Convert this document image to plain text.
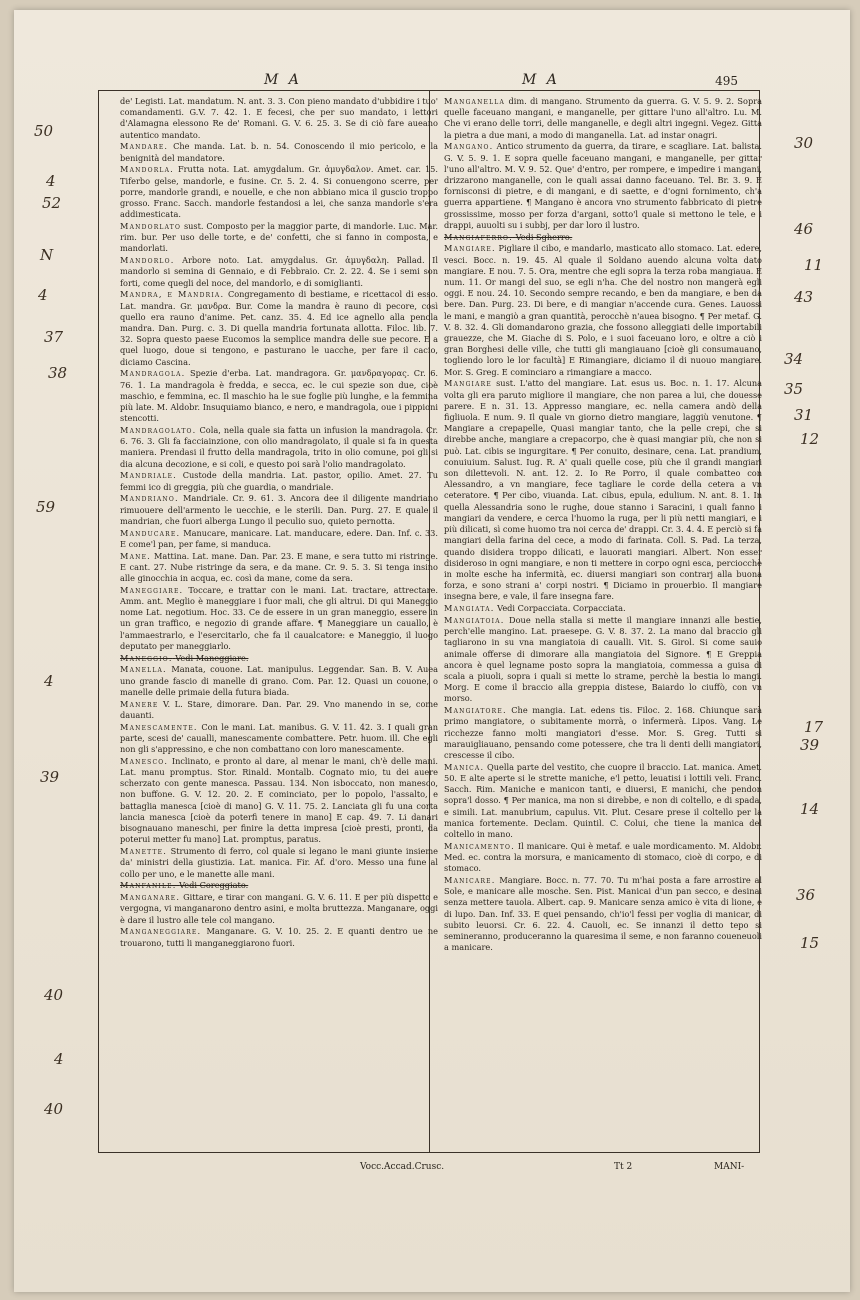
M A	M A	495

de' Legisti. Lat. mandatum. N. ant. 3. 3. Con pieno mandato d'ubbidire i tuo' comandamenti. G.V. 7. 42. 1. E fecesi, che per suo mandato, i lettori d'Alamagna elessono Re de' Romani. G. V. 6. 25. 3. Se di ciò fare aueano autentico mandato.

Mandare. Che manda. Lat. b. n. 54. Conoscendo il mio pericolo, e la benignità del mandatore.

Mandorla. Frutta nota. Lat. amygdalum. Gr. ἀμυγδαλον. Amet. car. 15. Tiferbo gelse, mandorle, e fusine. Cr. 5. 2. 4. Si conuengono scerre, per porre, mandorle grandi, e nouelle, e che non abbiano mica il guscio troppo grosso. Franc. Sacch. mandorle festandosi a lei, che sanza mandorle s'era addimesticata.

Mandorlato sust. Composto per la maggior parte, di mandorle. Luc. Mar. rim. bur. Per uso delle torte, e de' confetti, che si fanno in composta, e mandorlati.

Mandorlo. Arbore noto. Lat. amygdalus. Gr. ἀμυγδαλη. Pallad. Il mandorlo si semina di Gennaio, e di Febbraio. Cr. 2. 22. 4. Se i semi son forti, come quegli del noce, del mandorlo, e di somiglianti.

Mandra, e Mandria. Congregamento di bestiame, e ricettacol di esso. Lat. mandra. Gr. μανδρα. Bur. Come la mandra è rauno di pecore, così quello era rauno d'anime. Pet. canz. 35. 4. Ed ice agnello alla penola mandra. Dan. Purg. c. 3. Di quella mandria fortunata allotta. Filoc. lib. 7. 32. Sopra questo paese Eucomos la semplice mandra delle sue pecore. E a quel luogo, doue si tengono, e pasturano le uacche, per fare il cacio, diciamo Cascina.

Mandragola. Spezie d'erba. Lat. mandragora. Gr. μανδραγορας. Cr. 6. 76. 1. La mandragola è fredda, e secca, ec. le cui spezie son due, cioè maschio, e femmina, ec. Il maschio ha le sue foglie più lunghe, e la femmina più late. M. Aldobr. Insuquiamo bianco, e nero, e mandragola, oue i pippioni stencotti.

Mandragolato. Cola, nella quale sia fatta un infusion la mandragola. Cr. 6. 76. 3. Gli fa facciainzione, con olio mandragolato, il quale si fa in questa maniera. Prendasi il frutto della mandragola, trito in olio comune, poi gli si dia alcuna decozione, e si coli, e questo poi sarà l'olio mandragolato.

Mandriale. Custode della mandria. Lat. pastor, opilio. Amet. 27. Tu femmi ico di greggia, più che guardia, o mandriale.

Mandriano. Mandriale. Cr. 9. 61. 3. Ancora dee il diligente mandriano rimuouere dell'armento le uecchie, e le sterili. Dan. Purg. 27. E quale il mandrian, che fuori alberga Lungo il peculio suo, quieto pernotta.

Manducare. Manucare, manicare. Lat. manducare, edere. Dan. Inf. c. 33. E come'l pan, per fame, si manduca.

Mane. Mattina. Lat. mane. Dan. Par. 23. E mane, e sera tutto mi ristringe. E cant. 27. Nube ristringe da sera, e da mane. Cr. 9. 5. 3. Si tenga insino alle ginocchia in acqua, ec. così da mane, come da sera.

Maneggiare. Toccare, e trattar con le mani. Lat. tractare, attrectare. Amm. ant. Meglio è maneggiare i fuor mali, che gli altrui. Di qui Maneggio nome Lat. negotium. Hoc. 33. Ce de essere in un gran maneggio, essere in un gran traffico, e negozio di grande affare. ¶ Maneggiare un cauallo, è l'ammaestrarlo, e l'esercitarlo, che fa il caualcatore: e Maneggio, il luogo deputato per maneggiarlo.

Maneggio. Vedi Maneggiare.

Manella. Manata, couone. Lat. manipulus. Leggendar. San. B. V. Auea uno grande fascio di manelle di grano. Com. Par. 12. Quasi un couone, o manelle delle primaie della futura biada.

Manere V. L. Stare, dimorare. Dan. Par. 29. Vno manendo in se, come dauanti.

Manescamente. Con le mani. Lat. manibus. G. V. 11. 42. 3. I quali gran parte, scesi de' caualli, manescamente combattere. Petr. huom. ill. Che egli non gli s'appressino, e che non combattano con loro manescamente.

Manesco. Inclinato, e pronto al dare, al menar le mani, ch'è delle mani. Lat. manu promptus. Stor. Rinald. Montalb. Cognato mio, tu dei auere scherzato con gente manesca. Passau. 134. Non isboccato, non manesco, non buffone. G. V. 12. 20. 2. E cominciato, per lo popolo, l'assalto, e battaglia manesca [cioè di mano] G. V. 11. 75. 2. Lanciata gli fu una corta lancia manesca [cioè da poterfi tenere in mano] E cap. 49. 7. Li danari bisognauano maneschi, per finire la detta impresa [cioè presti, pronti, da poterui metter fu mano] Lat. promptus, paratus.

Manette. Strumento di ferro, col quale si legano le mani giunte insieme da' ministri della giustizia. Lat. manica. Fir. Af. d'oro. Messo una fune al collo per uno, e le manette alle mani.

Manfanile. Vedi Coreggiato.

Manganare. Gittare, e tirar con mangani. G. V. 6. 11. E per più dispetto e vergogna, vi manganarono dentro asini, e molta bruttezza. Manganare, oggi è dare il lustro alle tele col mangano.

Manganeggiare. Manganare. G. V. 10. 25. 2. E quanti dentro ue ne trouarono, tutti li manganeggiarono fuori.

Manganella dim. di mangano. Strumento da guerra. G. V. 5. 9. 2. Sopra quelle faceuano mangani, e manganelle, per gittare l'uno all'altro. Lu. M. Che vi erano delle torri, delle manganelle, e degli altri ingegni. Vegez. Gitta la pietra a due mani, a modo di manganella. Lat. ad instar onagri.

Mangano. Antico strumento da guerra, da tirare, e scagliare. Lat. balista. G. V. 5. 9. 1. E sopra quelle faceuano mangani, e manganelle, per gittar l'uno all'altro. M. V. 9. 52. Que' d'entro, per rompere, e impedire i mangani, drizzarono manganelle, con le quali assai danno faceuano. Tel. Br. 3. 9. E fornisconsi di pietre, e di mangani, e di saette, e d'ogni fornimento, ch'a guerra appartiene. ¶ Mangano è ancora vno strumento fabbricato di pietre grossissime, mosso per forza d'argani, sotto'l quale si mettono le tele, e i drappi, auuolti su i subbj, per dar loro il lustro.

Mangiaferro. Vedi Sgherro.

Mangiare. Pigliare il cibo, e mandarlo, masticato allo stomaco. Lat. edere, vesci. Bocc. n. 19. 45. Al quale il Soldano auendo alcuna volta dato mangiare. E nou. 7. 5. Ora, mentre che egli sopra la terza roba mangiaua. E num. 11. Or mangi del suo, se egli n'ha. Che del nostro non mangerà egli oggi. E nou. 24. 10. Secondo sempre recando, e ben da mangiare, e ben da bere. Dan. Purg. 23. Di bere, e di mangiar n'accende cura. Genes. Lauossi le mani, e mangiò a gran quantità, perocchè n'auea bisogno. ¶ Per metaf. G. V. 8. 32. 4. Gli domandarono grazia, che fossono alleggiati delle importabili grauezze, che M. Giache di S. Polo, e i suoi faceuano loro, e oltre a ciò i gran Borghesi delle ville, che tutti gli mangiauano [cioè gli consumauano, togliendo loro le lor facultà] E Rimangiare, diciamo il di nuouo mangiare. Mor. S. Greg. E cominciaro a rimangiare a macco.

Mangiare sust. L'atto del mangiare. Lat. esus us. Boc. n. 1. 17. Alcuna volta gli era paruto migliore il mangiare, che non parea a lui, che douesse parere. E n. 31. 13. Appresso mangiare, ec. nella camera andò della figliuola. E num. 9. Il quale vn giorno dietro mangiare, laggiù venutone. ¶ Mangiare a crepapelle, Quasi mangiar tanto, che la pelle crepi, che si direbbe anche, mangiare a crepacorpo, che è quasi mangiar più, che non si può. Lat. cibis se ingurgitare. ¶ Per conuito, desinare, cena. Lat. prandium, conuiuium. Salust. Iug. R. A' quali quelle cose, più che il grandi mangiari son dilettevoli. N. ant. 12. 2. Io Re Porro, il quale combatteo con Alessandro, a vn mangiare, fece tagliare le corde della cetera a vn ceteratore. ¶ Per cibo, viuanda. Lat. cibus, epula, edulium. N. ant. 8. 1. In quella Alessandria sono le rughe, doue stanno i Saracini, i quali fanno i mangiari da vendere, e cerca l'huomo la ruga, per li più netti mangiari, e i più dilicati, sì come huomo tra noi cerca de' drappi. Cr. 3. 4. 4. E perciò si fa mangiari della farina del cece, a modo di farinata. Coll. S. Pad. La terza, quando disidera troppo dilicati, e lauorati mangiari. Albert. Non esser disideroso in ogni mangiare, e non ti mettere in corpo ogni esca, perciocchè in molte esche ha infermità, ec. diuersi mangiari son contrarj alla buona forza, e sono strani a' corpi nostri. ¶ Diciamo in prouerbio. Il mangiare insegna bere, e vale, il fare insegna fare.

Mangiata. Vedi Corpacciata. Corpacciata.

Mangiatoia. Doue nella stalla si mette il mangiare innanzi alle bestie, perch'elle mangino. Lat. praesepe. G. V. 8. 37. 2. La mano dal braccio gli tagliarono in su vna mangiatoia di caualli. Vit. S. Girol. Si come sauio animale offerse di dimorare alla mangiatoia del Signore. ¶ E Greppia ancora è quel legname posto sopra la mangiatoia, commessa a guisa di scala a piuoli, sopra i quali si mette lo strame, perchè la bestia lo mangi. Morg. E come il braccio alla greppia distese, Baiardo lo ciuffò, con vn morso.

Mangiatore. Che mangia. Lat. edens tis. Filoc. 2. 168. Chiunque sarà primo mangiatore, o subitamente morrà, o infermerà. Lipos. Vang. Le ricchezze fanno molti mangiatori d'esse. Mor. S. Greg. Tutti si marauigliauano, pensando come potessere, che tra li denti delli mangiatori, crescesse il cibo.

Manica. Quella parte del vestito, che cuopre il braccio. Lat. manica. Amet. 50. E alte aperte si le strette maniche, e'l petto, leuatisi i lottili veli. Franc. Sacch. Rim. Maniche e manicon tanti, e diuersi, E manichi, che pendon sopra'l dosso. ¶ Per manica, ma non si direbbe, e non di coltello, e di spada, e simili. Lat. manubrium, capulus. Vit. Plut. Cesare prese il coltello per la manica fortemente. Declam. Quintil. C. Colui, che tiene la manica del coltello in mano.

Manicamento. Il manicare. Qui è metaf. e uale mordicamento. M. Aldobr. Med. ec. contra la morsura, e manicamento di stomaco, cioè di corpo, e di stomaco.

Manicare. Mangiare. Bocc. n. 77. 70. Tu m'hai posta a fare arrostire al Sole, e manicare alle mosche. Sen. Pist. Manicai d'un pan secco, e desinai senza mettere tauola. Albert. cap. 9. Manicare senza amico è vita di lione, e di lupo. Dan. Inf. 33. E quei pensando, ch'io'l fessi per voglia di manicar, di subito leuorsi. Cr. 6. 22. 4. Cauoli, ec. Se innanzi il detto tepo si semineranno, produceranno la quaresima il seme, e non faranno coueneuoli a manicare.

Vocc.Accad.Crusc.	Tt 2	MANI-
50
4
52
N
4
37
38
59
4
39
40
4
40
30
46
11
43
34
35
31
12
17
39
14
36
15
